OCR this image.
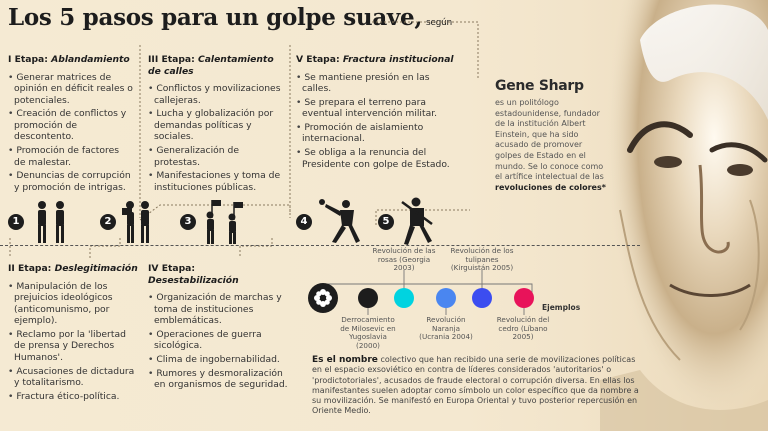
Los 5 pasos para un golpe suave, según
I Etapa: Ablandamiento
• Generar matrices de opinión en déficit reales o potenciales.
• Creación de conflictos y promoción de descontento.
• Promoción de factores de malestar.
• Denuncias de corrupción y promoción de intrigas.
III Etapa: Calentamiento de calles
• Conflictos y movilizaciones callejeras.
• Lucha y globalización por demandas políticas y sociales.
• Generalización de protestas.
• Manifestaciones y toma de instituciones públicas.
V Etapa: Fractura institucional
• Se mantiene presión en las calles.
• Se prepara el terreno para eventual intervención militar.
• Promoción de aislamiento internacional.
• Se obliga a la renuncia del Presidente con golpe de Estado.
Gene Sharp
es un politólogo estadounidense, fundador de la institución Albert Einstein, que ha sido acusado de promover golpes de Estado en el mundo. Se lo conoce como el artífice intelectual de las revoluciones de colores*
1	2	3	4	5
II Etapa: Deslegitimación
• Manipulación de los prejuicios ideológicos (anticomunismo, por ejemplo).
• Reclamo por la 'libertad de prensa y Derechos Humanos'.
• Acusaciones de dictadura y totalitarismo.
• Fractura ético-política.
IV Etapa: Desestabilización
• Organización de marchas y toma de instituciones emblemáticas.
• Operaciones de guerra sicológica.
• Clima de ingobernabilidad.
• Rumores y desmoralización en organismos de seguridad.
Derrocamiento de Milosevic en Yugoslavia (2000)
Revolución de las rosas (Georgia 2003)
Revolución Naranja (Ucrania 2004)
Revolución de los tulipanes (Kirguistán 2005)
Revolución del cedro (Líbano 2005)
Ejemplos
Es el nombre colectivo que han recibido una serie de movilizaciones políticas en el espacio exsoviético en contra de líderes considerados 'autoritarios' o 'prodictotoriales', acusados de fraude electoral o corrupción diversa. En ellas los manifestantes suelen adoptar como símbolo un color específico que da nombre a su movilización. Se manifestó en Europa Oriental y tuvo posterior repercusión en Oriente Medio.
